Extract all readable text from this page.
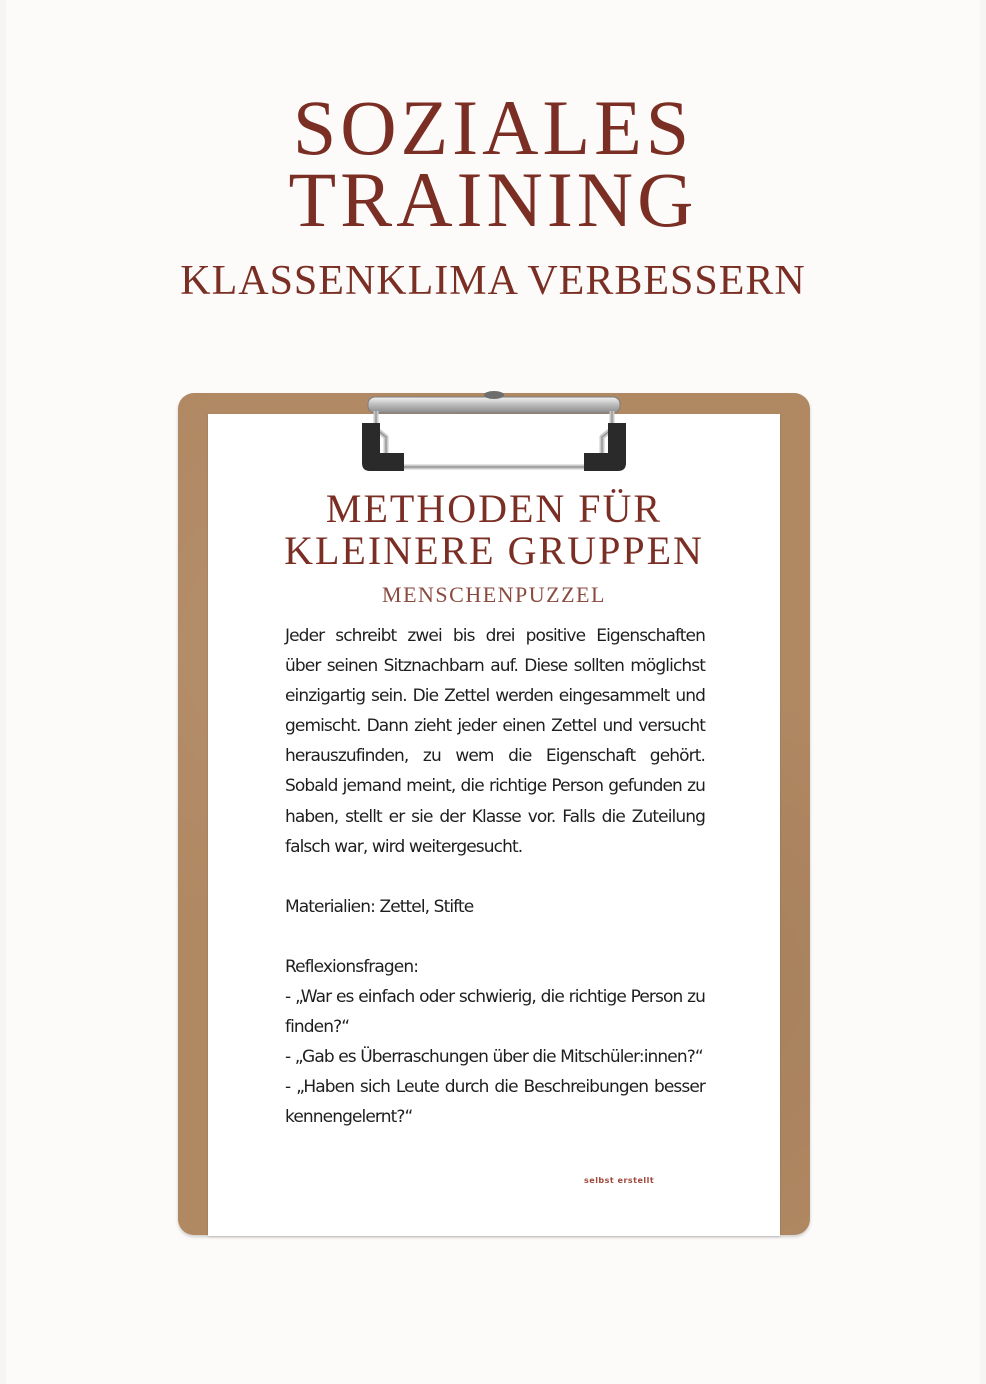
SOZIALES
TRAINING
KLASSENKLIMA VERBESSERN
METHODEN FÜR
KLEINERE GRUPPEN
MENSCHENPUZZEL

Jeder schreibt zwei bis drei positive Eigenschaften über seinen Sitznachbarn auf. Diese sollten möglichst einzigartig sein. Die Zettel werden eingesammelt und gemischt. Dann zieht jeder einen Zettel und versucht herauszufinden, zu wem die Eigenschaft gehört. Sobald jemand meint, die richtige Person gefunden zu haben, stellt er sie der Klasse vor. Falls die Zuteilung falsch war, wird weitergesucht.

Materialien: Zettel, Stifte

Reflexionsfragen:

- „War es einfach oder schwierig, die richtige Person zu finden?“

- „Gab es Überraschungen über die Mitschüler:innen?“

- „Haben sich Leute durch die Beschreibungen besser kennengelernt?“

selbst erstellt
